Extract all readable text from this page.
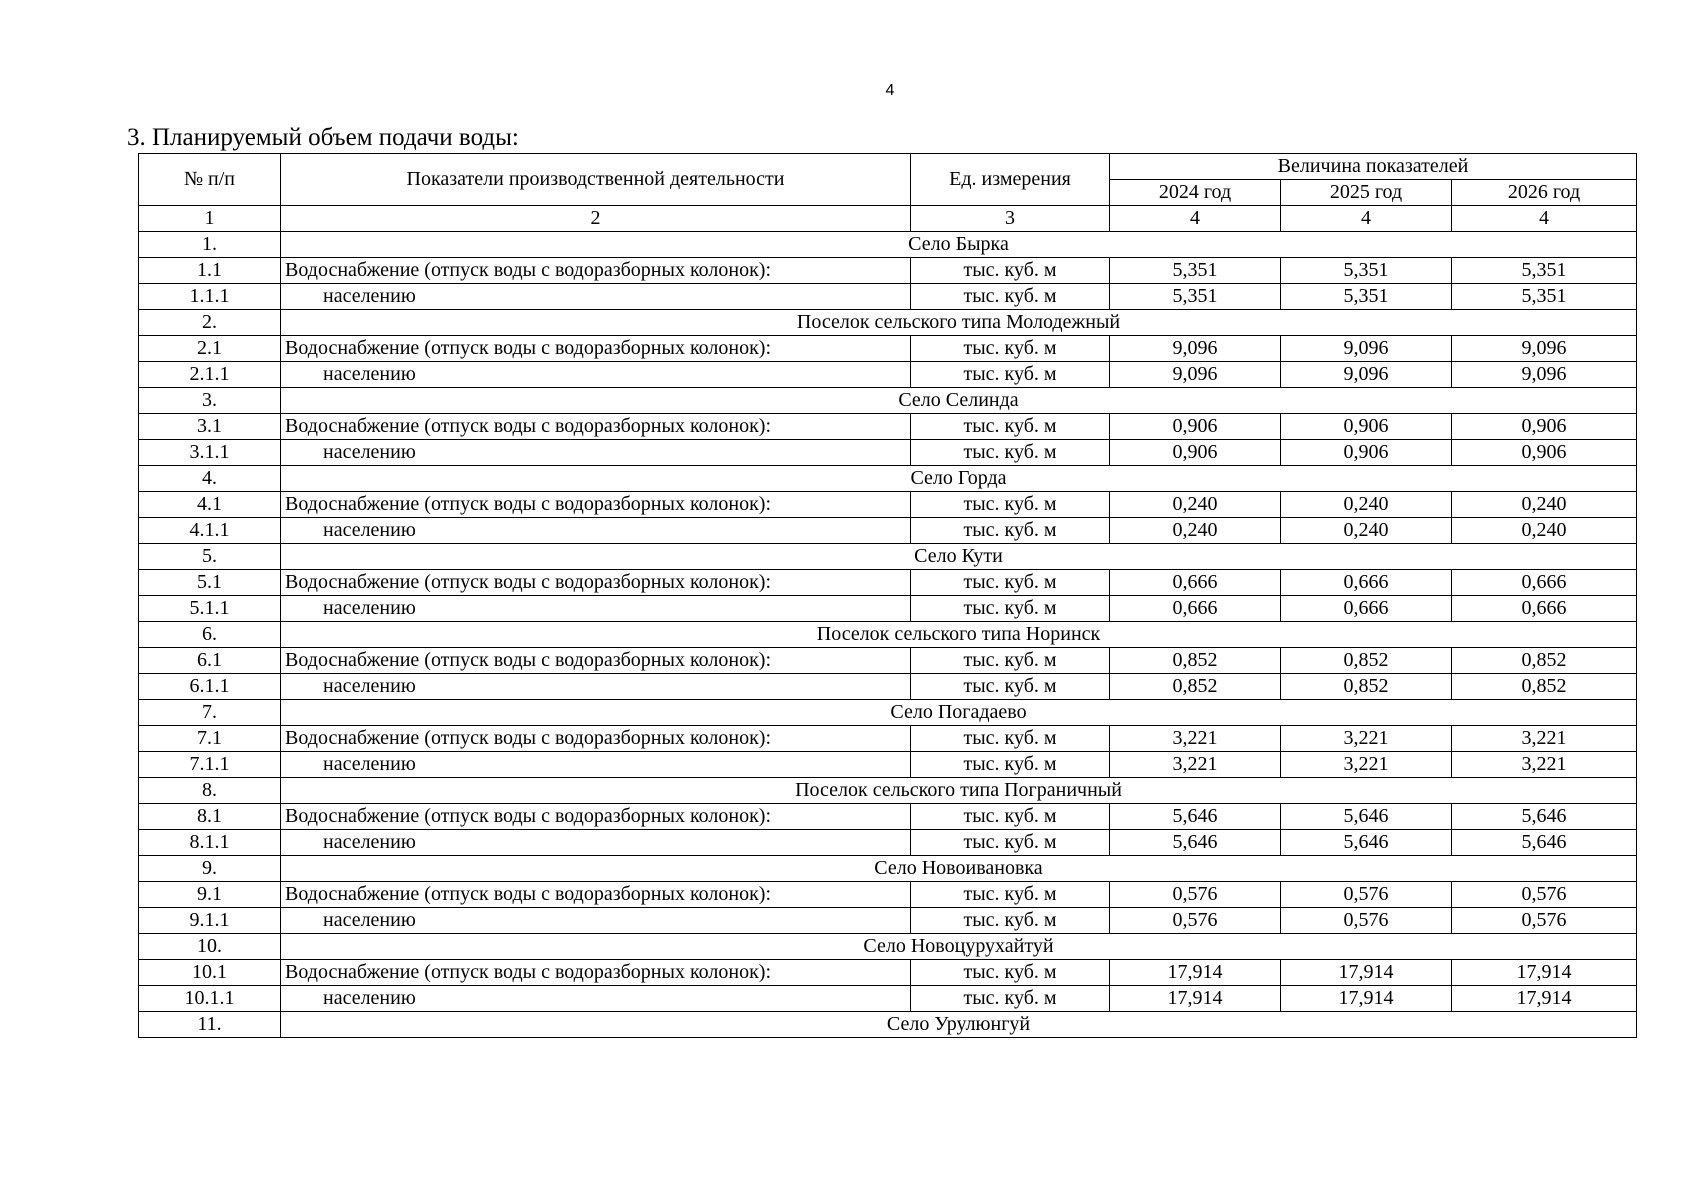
4
3. Планируемый объем подачи воды:
№ п/п	Показатели производственной деятельности	Ед. измерения	Величина показателей		
			2024 год	2025 год	2026 год
1	2	3	4	4	4
1.	Село Бырка				
1.1	Водоснабжение (отпуск воды с водоразборных колонок):	тыс. куб. м	5,351	5,351	5,351
1.1.1	населению	тыс. куб. м	5,351	5,351	5,351
2.	Поселок сельского типа Молодежный				
2.1	Водоснабжение (отпуск воды с водоразборных колонок):	тыс. куб. м	9,096	9,096	9,096
2.1.1	населению	тыс. куб. м	9,096	9,096	9,096
3.	Село Селинда				
3.1	Водоснабжение (отпуск воды с водоразборных колонок):	тыс. куб. м	0,906	0,906	0,906
3.1.1	населению	тыс. куб. м	0,906	0,906	0,906
4.	Село Горда				
4.1	Водоснабжение (отпуск воды с водоразборных колонок):	тыс. куб. м	0,240	0,240	0,240
4.1.1	населению	тыс. куб. м	0,240	0,240	0,240
5.	Село Кути				
5.1	Водоснабжение (отпуск воды с водоразборных колонок):	тыс. куб. м	0,666	0,666	0,666
5.1.1	населению	тыс. куб. м	0,666	0,666	0,666
6.	Поселок сельского типа Норинск				
6.1	Водоснабжение (отпуск воды с водоразборных колонок):	тыс. куб. м	0,852	0,852	0,852
6.1.1	населению	тыс. куб. м	0,852	0,852	0,852
7.	Село Погадаево				
7.1	Водоснабжение (отпуск воды с водоразборных колонок):	тыс. куб. м	3,221	3,221	3,221
7.1.1	населению	тыс. куб. м	3,221	3,221	3,221
8.	Поселок сельского типа Пограничный				
8.1	Водоснабжение (отпуск воды с водоразборных колонок):	тыс. куб. м	5,646	5,646	5,646
8.1.1	населению	тыс. куб. м	5,646	5,646	5,646
9.	Село Новоивановка				
9.1	Водоснабжение (отпуск воды с водоразборных колонок):	тыс. куб. м	0,576	0,576	0,576
9.1.1	населению	тыс. куб. м	0,576	0,576	0,576
10.	Село Новоцурухайтуй				
10.1	Водоснабжение (отпуск воды с водоразборных колонок):	тыс. куб. м	17,914	17,914	17,914
10.1.1	населению	тыс. куб. м	17,914	17,914	17,914
11.	Село Урулюнгуй				
